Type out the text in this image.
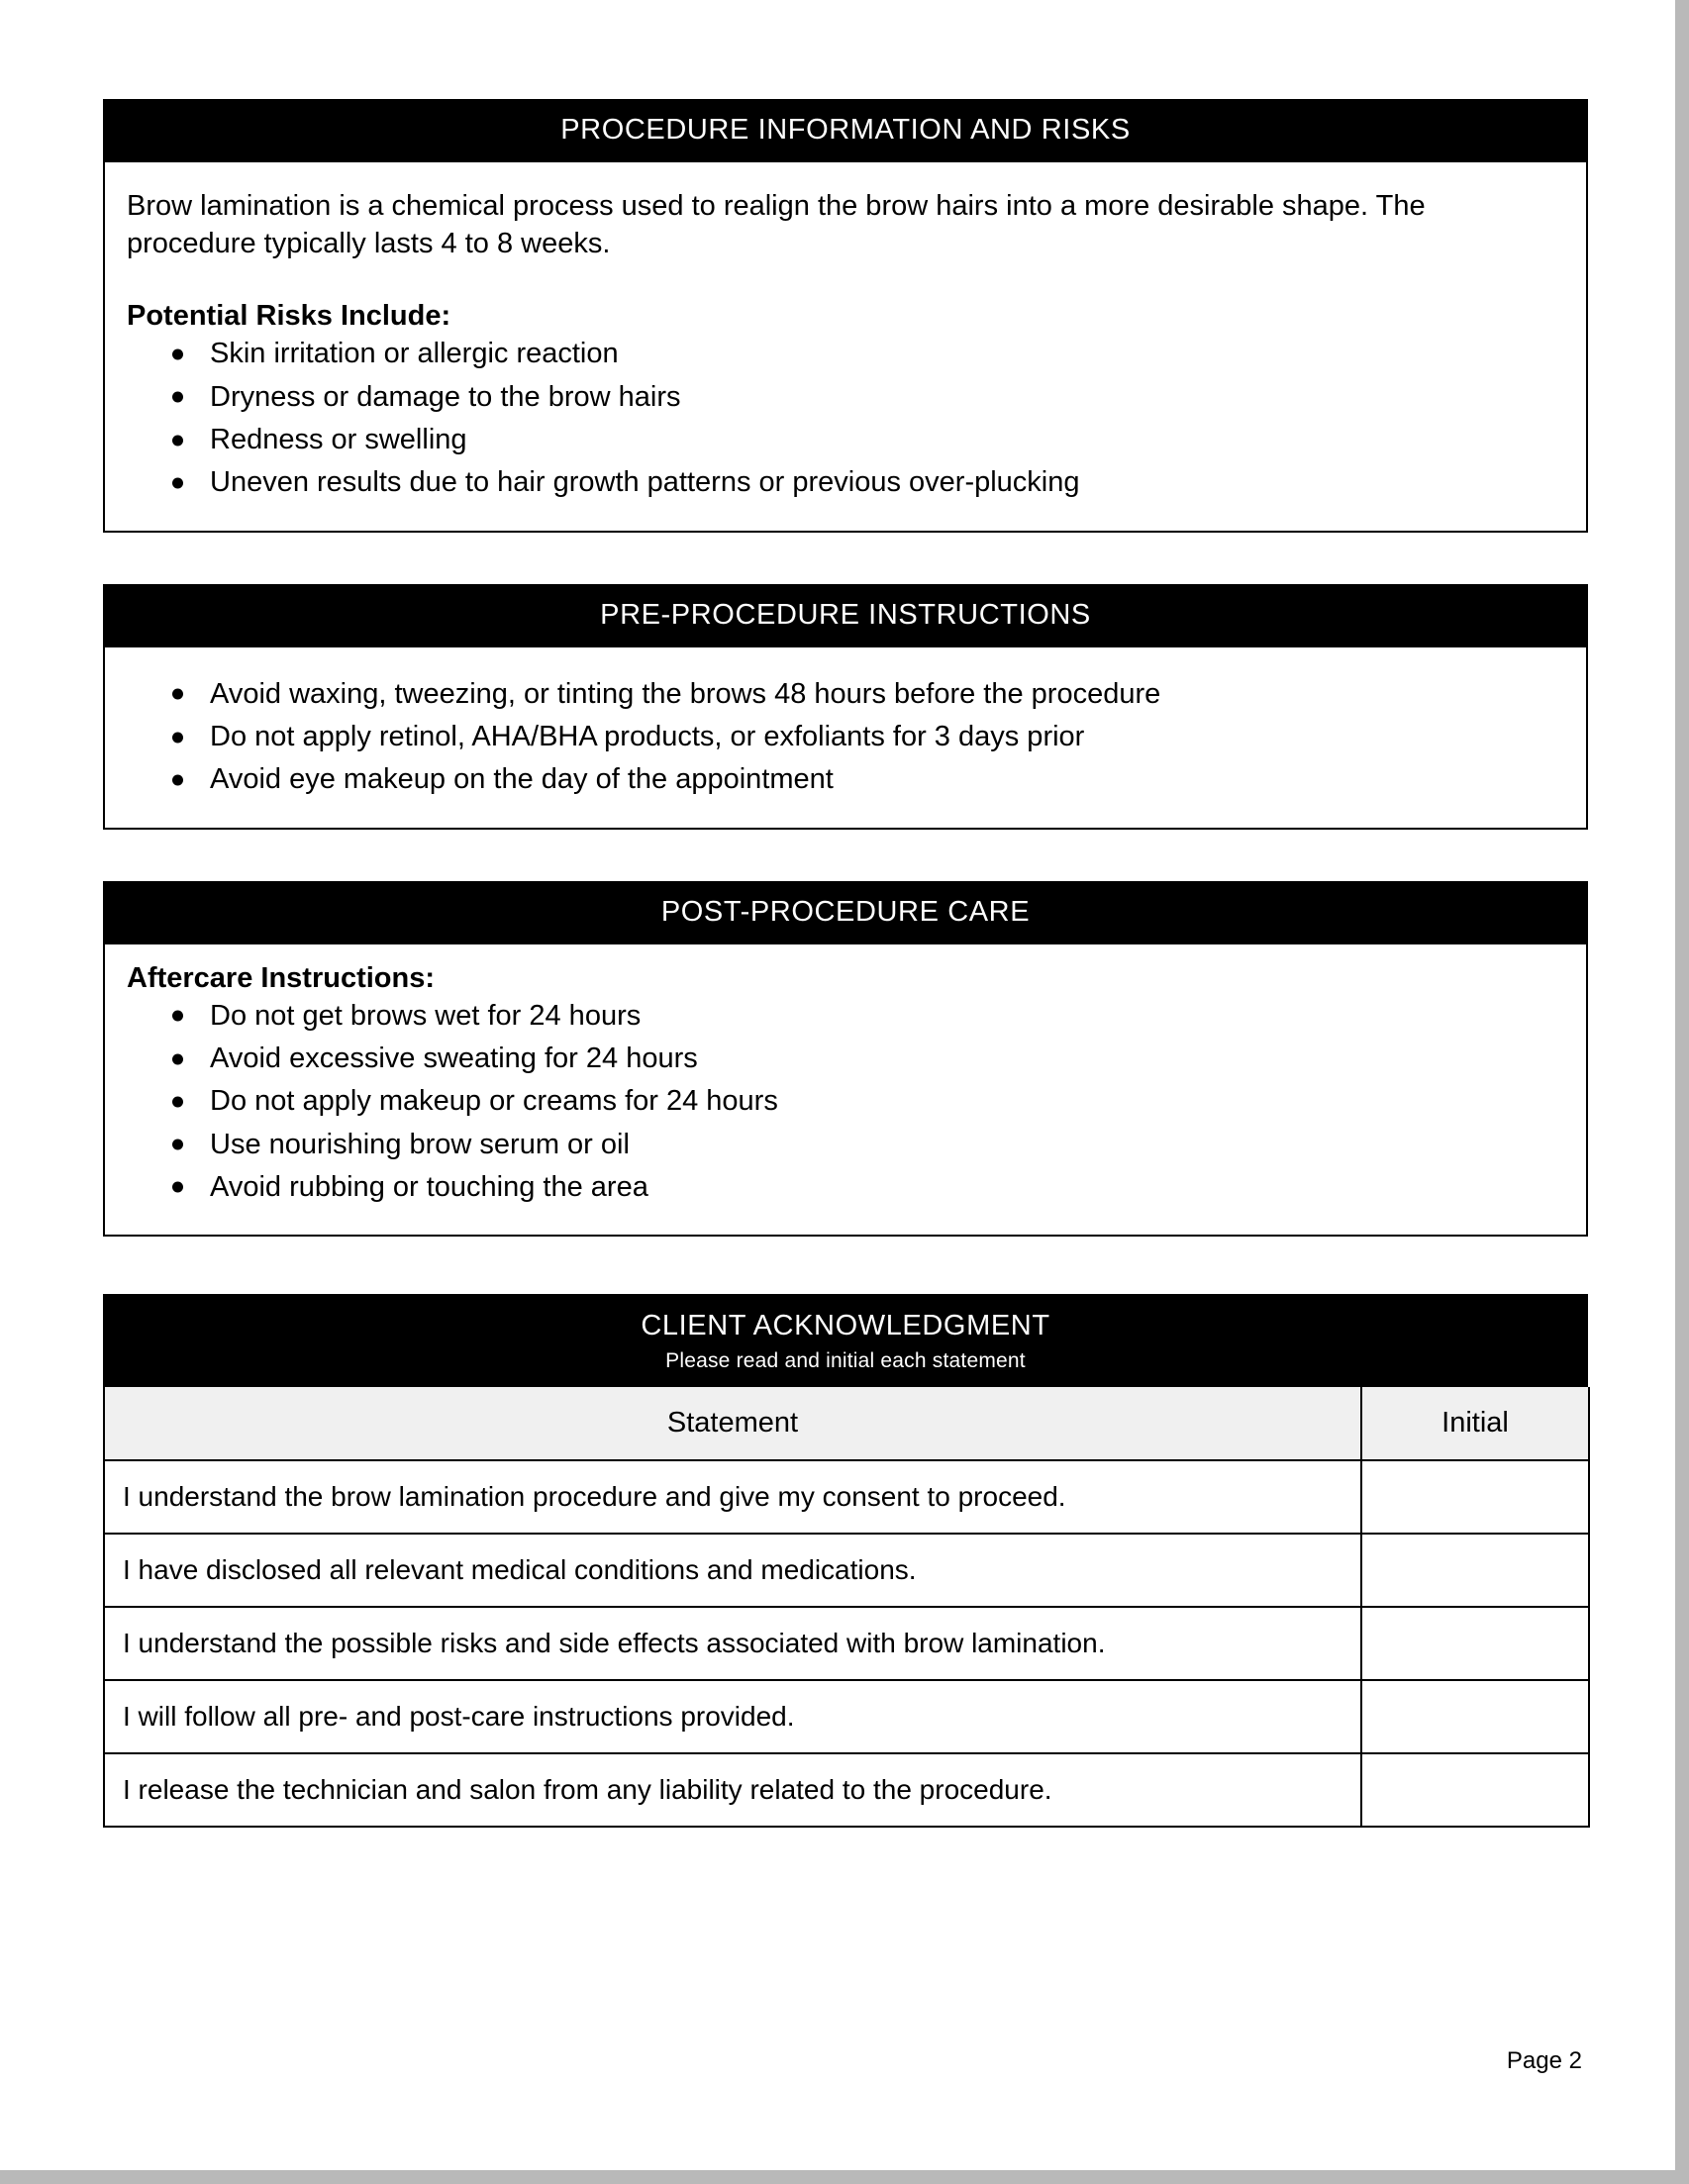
PROCEDURE INFORMATION AND RISKS
Brow lamination is a chemical process used to realign the brow hairs into a more desirable shape. The procedure typically lasts 4 to 8 weeks.
Potential Risks Include:
Skin irritation or allergic reaction
Dryness or damage to the brow hairs
Redness or swelling
Uneven results due to hair growth patterns or previous over-plucking
PRE-PROCEDURE INSTRUCTIONS
Avoid waxing, tweezing, or tinting the brows 48 hours before the procedure
Do not apply retinol, AHA/BHA products, or exfoliants for 3 days prior
Avoid eye makeup on the day of the appointment
POST-PROCEDURE CARE
Aftercare Instructions:
Do not get brows wet for 24 hours
Avoid excessive sweating for 24 hours
Do not apply makeup or creams for 24 hours
Use nourishing brow serum or oil
Avoid rubbing or touching the area
CLIENT ACKNOWLEDGMENT
Please read and initial each statement
Statement	Initial
I understand the brow lamination procedure and give my consent to proceed.	
I have disclosed all relevant medical conditions and medications.	
I understand the possible risks and side effects associated with brow lamination.	
I will follow all pre- and post-care instructions provided.	
I release the technician and salon from any liability related to the procedure.	
Page 2
